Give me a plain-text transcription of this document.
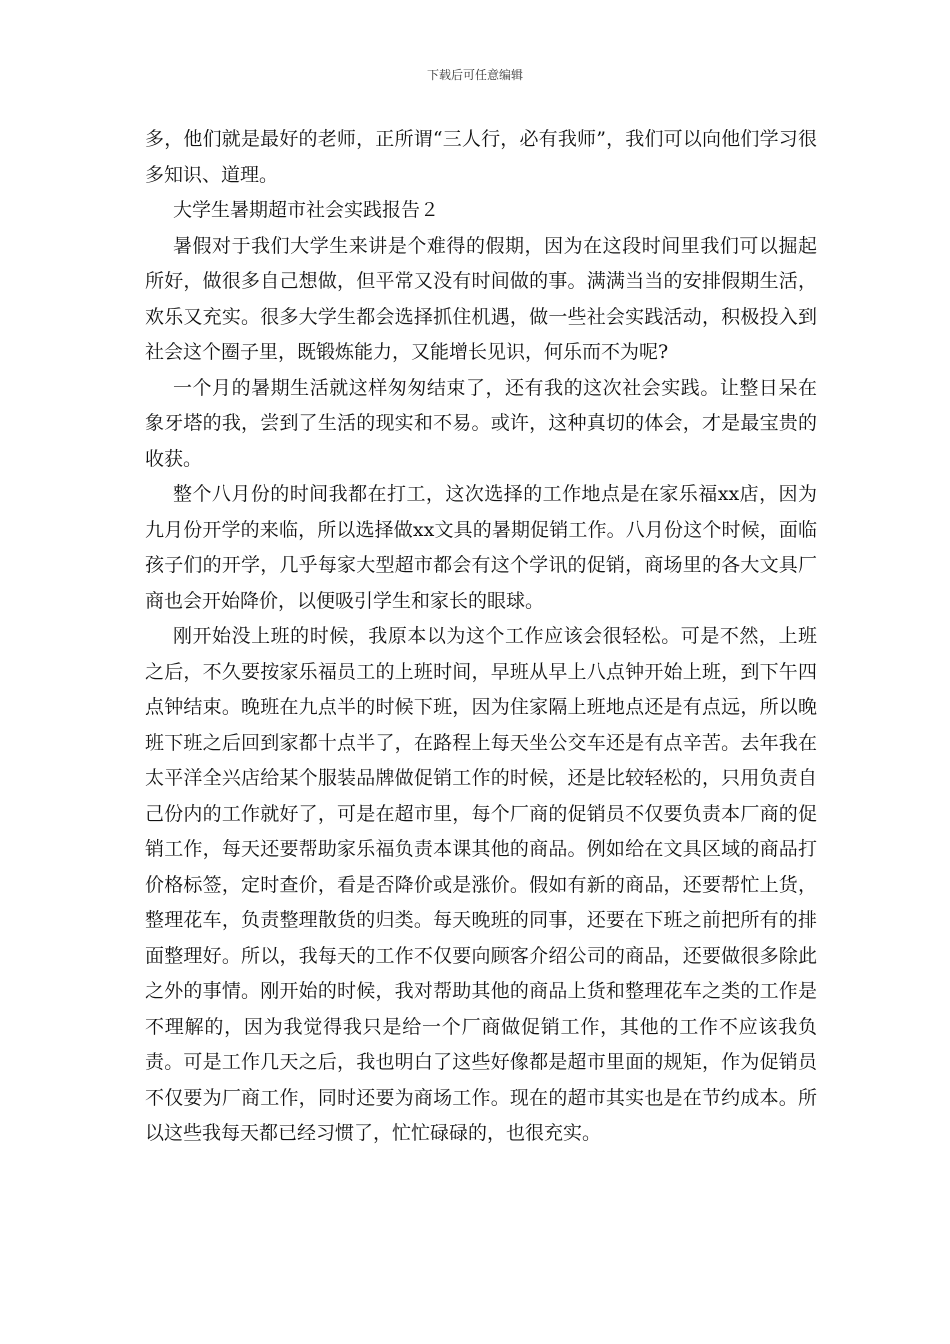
下载后可任意编辑

多，他们就是最好的老师，正所谓“三人行，必有我师”，我们可以向他们学习很多知识、道理。

大学生暑期超市社会实践报告２

暑假对于我们大学生来讲是个难得的假期，因为在这段时间里我们可以掘起所好，做很多自己想做，但平常又没有时间做的事。满满当当的安排假期生活，欢乐又充实。很多大学生都会选择抓住机遇，做一些社会实践活动，积极投入到社会这个圈子里，既锻炼能力，又能增长见识，何乐而不为呢?

一个月的暑期生活就这样匆匆结束了，还有我的这次社会实践。让整日呆在象牙塔的我，尝到了生活的现实和不易。或许，这种真切的体会，才是最宝贵的收获。

整个八月份的时间我都在打工，这次选择的工作地点是在家乐福xx店，因为九月份开学的来临，所以选择做xx文具的暑期促销工作。八月份这个时候，面临孩子们的开学，几乎每家大型超市都会有这个学讯的促销，商场里的各大文具厂商也会开始降价，以便吸引学生和家长的眼球。

刚开始没上班的时候，我原本以为这个工作应该会很轻松。可是不然，上班之后，不久要按家乐福员工的上班时间，早班从早上八点钟开始上班，到下午四点钟结束。晚班在九点半的时候下班，因为住家隔上班地点还是有点远，所以晚班下班之后回到家都十点半了，在路程上每天坐公交车还是有点辛苦。去年我在太平洋全兴店给某个服装品牌做促销工作的时候，还是比较轻松的，只用负责自己份内的工作就好了，可是在超市里，每个厂商的促销员不仅要负责本厂商的促销工作，每天还要帮助家乐福负责本课其他的商品。例如给在文具区域的商品打价格标签，定时查价，看是否降价或是涨价。假如有新的商品，还要帮忙上货，整理花车，负责整理散货的归类。每天晚班的同事，还要在下班之前把所有的排面整理好。所以，我每天的工作不仅要向顾客介绍公司的商品，还要做很多除此之外的事情。刚开始的时候，我对帮助其他的商品上货和整理花车之类的工作是不理解的，因为我觉得我只是给一个厂商做促销工作，其他的工作不应该我负责。可是工作几天之后，我也明白了这些好像都是超市里面的规矩，作为促销员不仅要为厂商工作，同时还要为商场工作。现在的超市其实也是在节约成本。所以这些我每天都已经习惯了，忙忙碌碌的，也很充实。
